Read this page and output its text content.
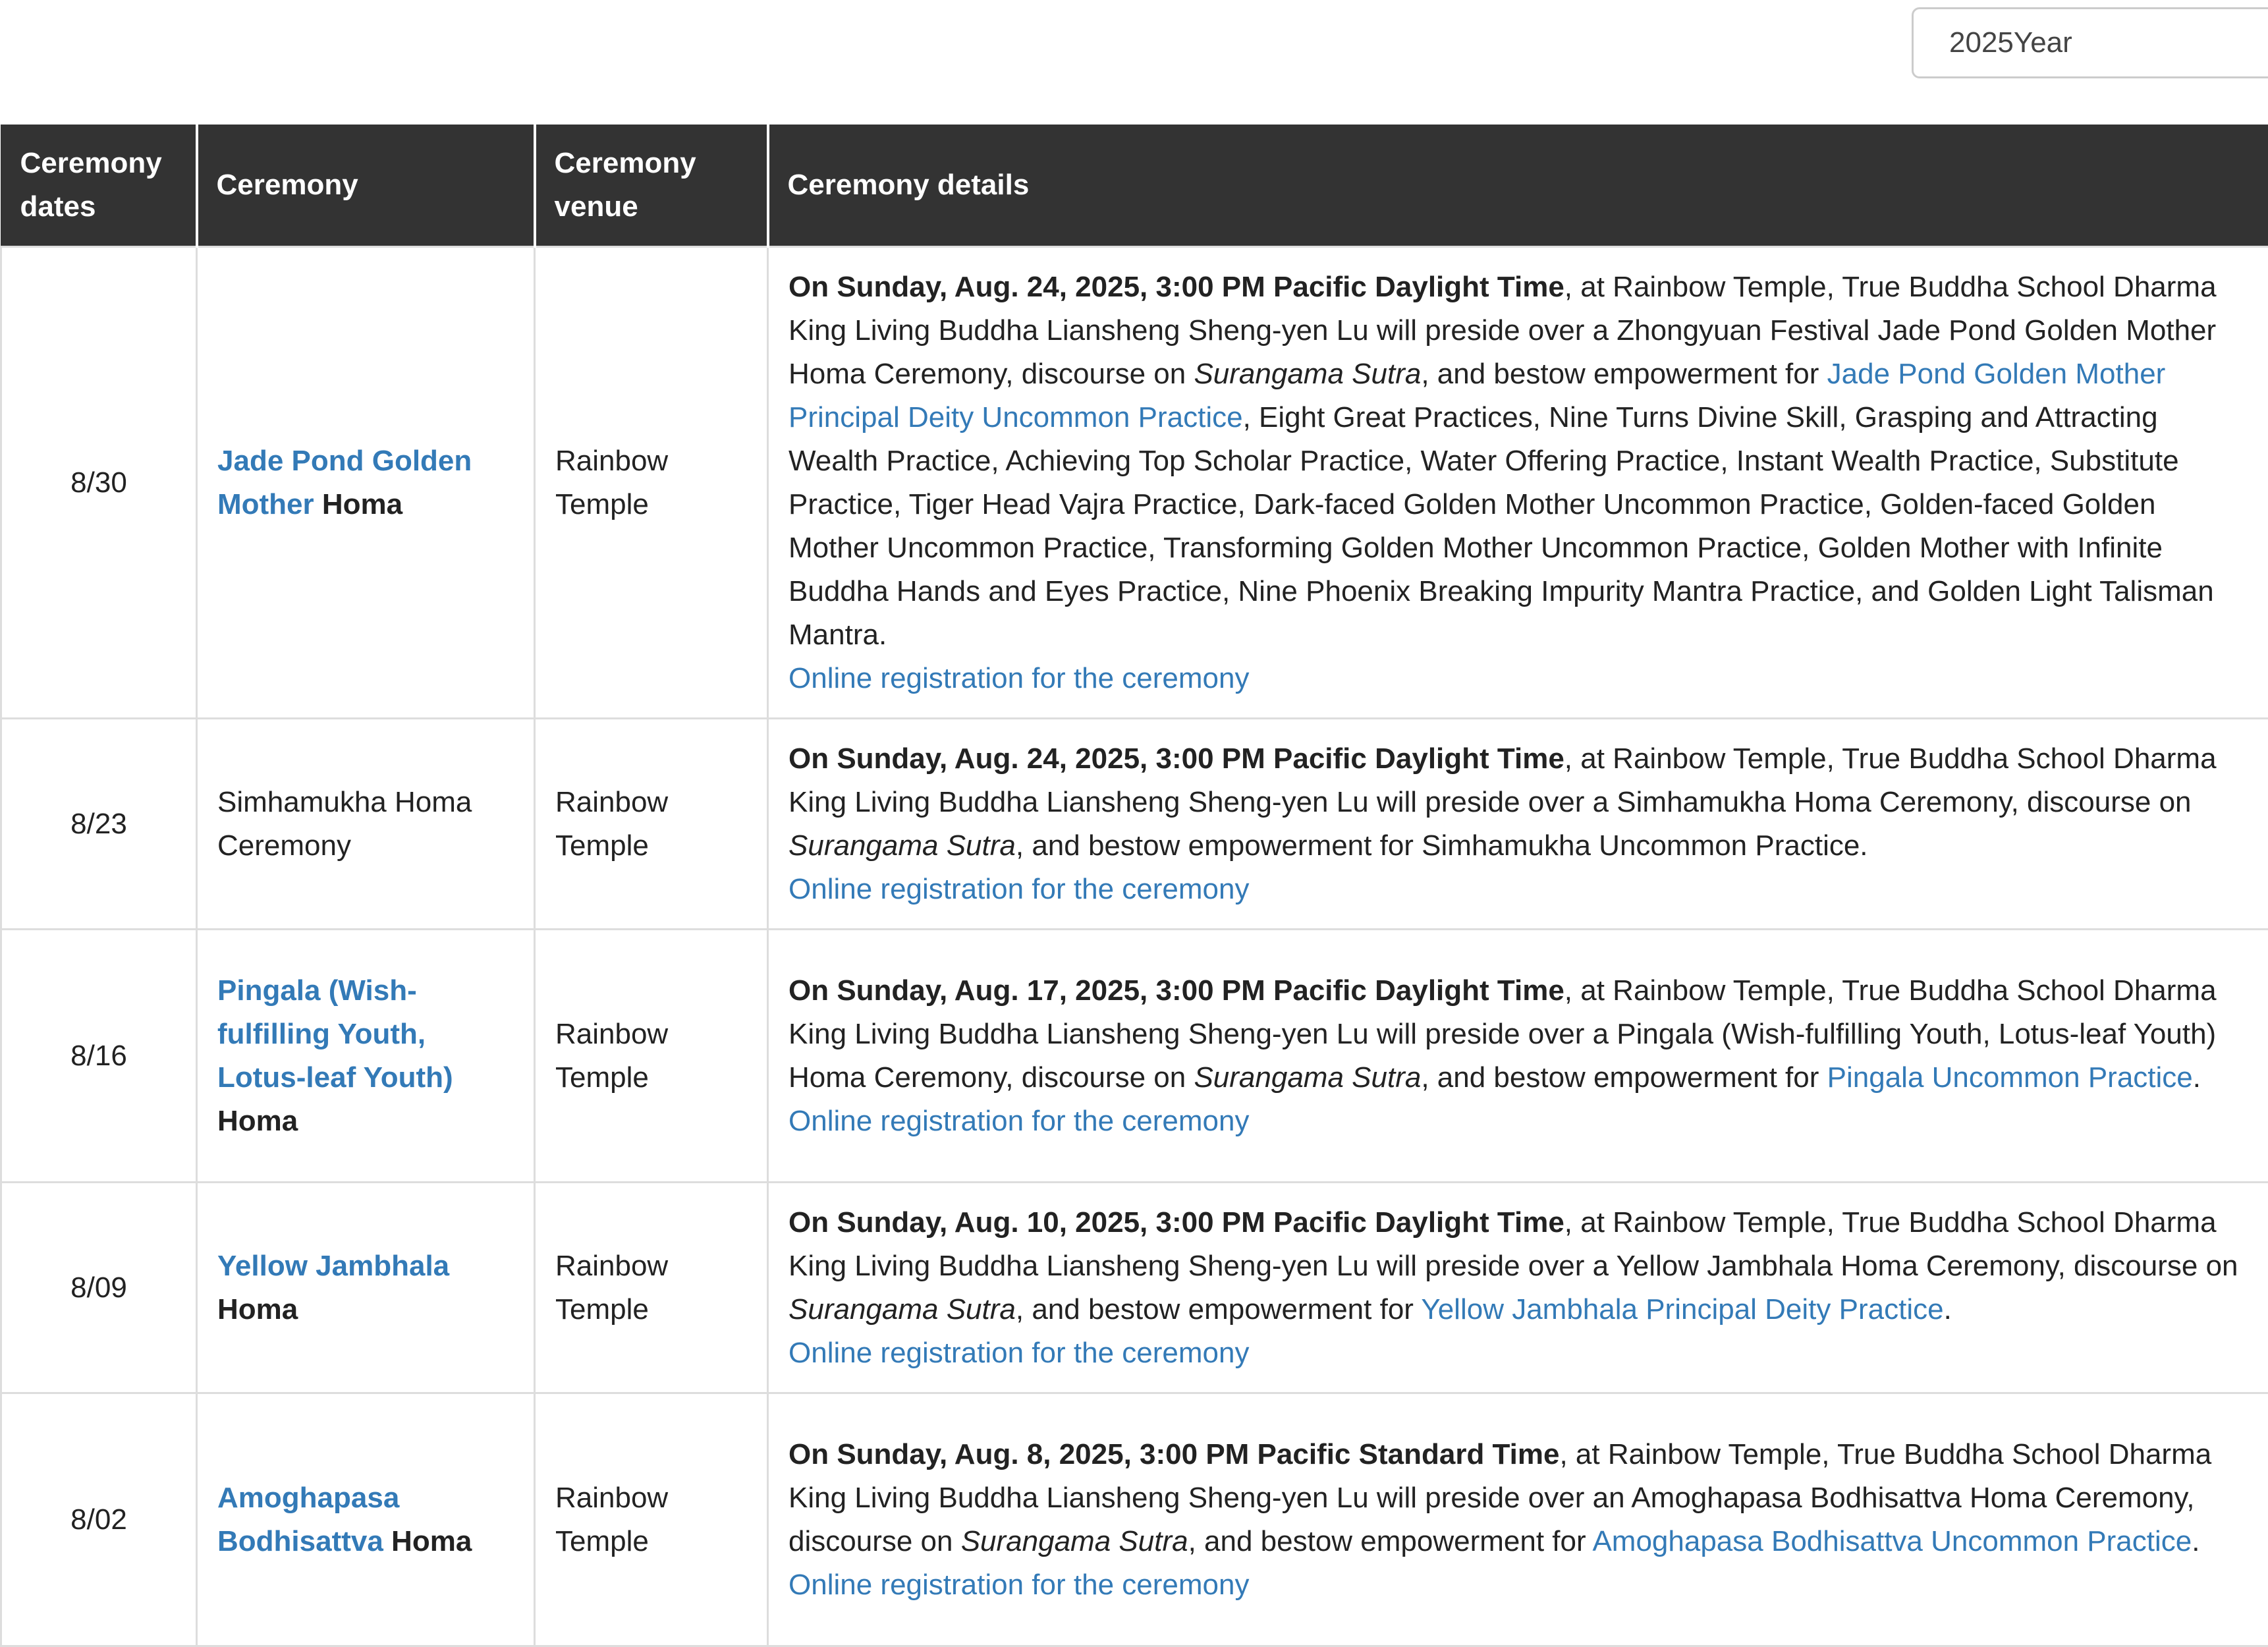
2025Year
Ceremony dates	Ceremony	Ceremony venue	Ceremony details
8/30	Jade Pond Golden Mother Homa	Rainbow Temple	On Sunday, Aug. 24, 2025, 3:00 PM Pacific Daylight Time, at Rainbow Temple, True Buddha School Dharma King Living Buddha Liansheng Sheng-yen Lu will preside over a Zhongyuan Festival Jade Pond Golden Mother Homa Ceremony, discourse on Surangama Sutra, and bestow empowerment for Jade Pond Golden Mother Principal Deity Uncommon Practice, Eight Great Practices, Nine Turns Divine Skill, Grasping and Attracting Wealth Practice, Achieving Top Scholar Practice, Water Offering Practice, Instant Wealth Practice, Substitute Practice, Tiger Head Vajra Practice, Dark-faced Golden Mother Uncommon Practice, Golden-faced Golden Mother Uncommon Practice, Transforming Golden Mother Uncommon Practice, Golden Mother with Infinite Buddha Hands and Eyes Practice, Nine Phoenix Breaking Impurity Mantra Practice, and Golden Light Talisman Mantra.
Online registration for the ceremony

8/23	Simhamukha Homa Ceremony	Rainbow Temple	On Sunday, Aug. 24, 2025, 3:00 PM Pacific Daylight Time, at Rainbow Temple, True Buddha School Dharma King Living Buddha Liansheng Sheng-yen Lu will preside over a Simhamukha Homa Ceremony, discourse on Surangama Sutra, and bestow empowerment for Simhamukha Uncommon Practice.
Online registration for the ceremony

8/16	Pingala (Wish-fulfilling Youth, Lotus-leaf Youth) Homa	Rainbow Temple	On Sunday, Aug. 17, 2025, 3:00 PM Pacific Daylight Time, at Rainbow Temple, True Buddha School Dharma King Living Buddha Liansheng Sheng-yen Lu will preside over a Pingala (Wish-fulfilling Youth, Lotus-leaf Youth) Homa Ceremony, discourse on Surangama Sutra, and bestow empowerment for Pingala Uncommon Practice.
Online registration for the ceremony

8/09	Yellow Jambhala Homa	Rainbow Temple	On Sunday, Aug. 10, 2025, 3:00 PM Pacific Daylight Time, at Rainbow Temple, True Buddha School Dharma King Living Buddha Liansheng Sheng-yen Lu will preside over a Yellow Jambhala Homa Ceremony, discourse on Surangama Sutra, and bestow empowerment for Yellow Jambhala Principal Deity Practice.
Online registration for the ceremony

8/02	Amoghapasa Bodhisattva Homa	Rainbow Temple	On Sunday, Aug. 8, 2025, 3:00 PM Pacific Standard Time, at Rainbow Temple, True Buddha School Dharma King Living Buddha Liansheng Sheng-yen Lu will preside over an Amoghapasa Bodhisattva Homa Ceremony, discourse on Surangama Sutra, and bestow empowerment for Amoghapasa Bodhisattva Uncommon Practice.
Online registration for the ceremony
